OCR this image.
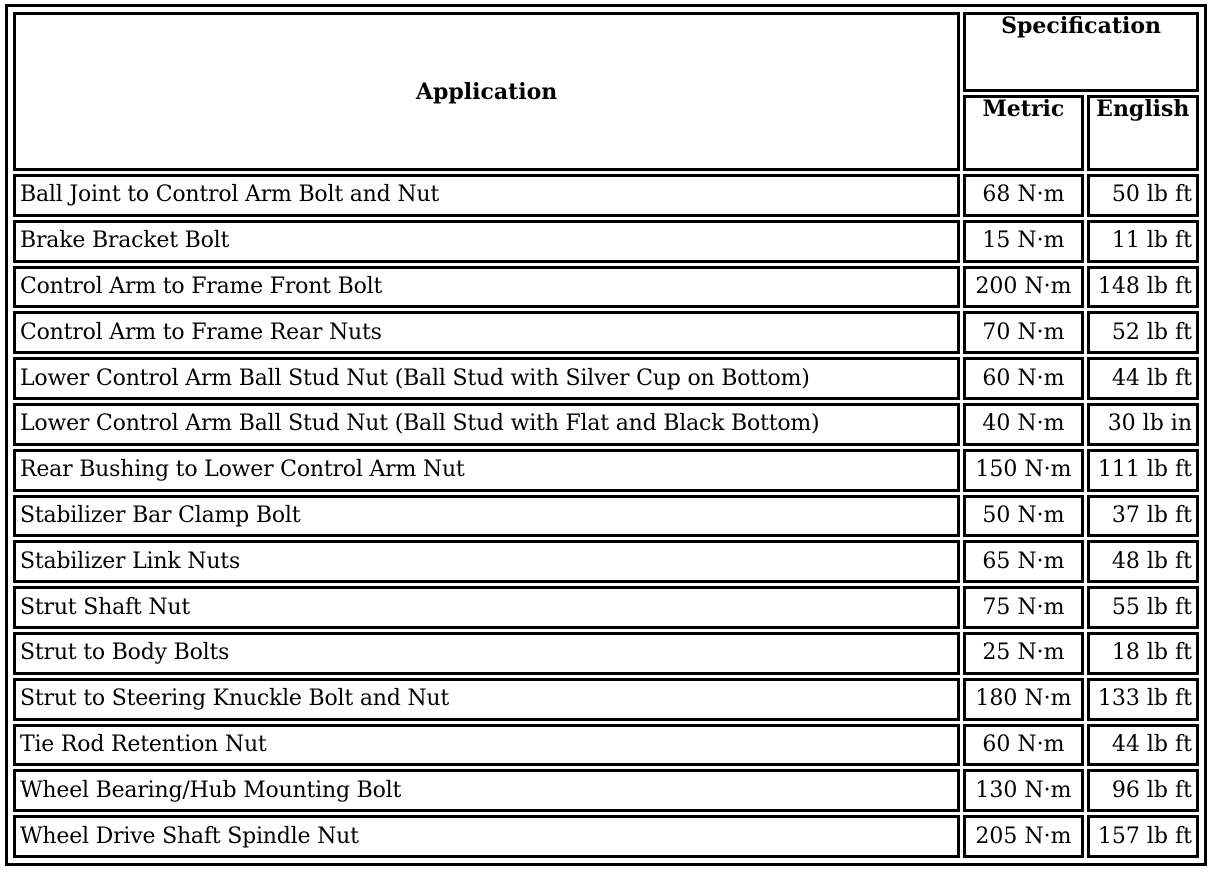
Application	Specification	
	Metric	English
Ball Joint to Control Arm Bolt and Nut	68 N·m	50 lb ft
Brake Bracket Bolt	15 N·m	11 lb ft
Control Arm to Frame Front Bolt	200 N·m	148 lb ft
Control Arm to Frame Rear Nuts	70 N·m	52 lb ft
Lower Control Arm Ball Stud Nut (Ball Stud with Silver Cup on Bottom)	60 N·m	44 lb ft
Lower Control Arm Ball Stud Nut (Ball Stud with Flat and Black Bottom)	40 N·m	30 lb in
Rear Bushing to Lower Control Arm Nut	150 N·m	111 lb ft
Stabilizer Bar Clamp Bolt	50 N·m	37 lb ft
Stabilizer Link Nuts	65 N·m	48 lb ft
Strut Shaft Nut	75 N·m	55 lb ft
Strut to Body Bolts	25 N·m	18 lb ft
Strut to Steering Knuckle Bolt and Nut	180 N·m	133 lb ft
Tie Rod Retention Nut	60 N·m	44 lb ft
Wheel Bearing/Hub Mounting Bolt	130 N·m	96 lb ft
Wheel Drive Shaft Spindle Nut	205 N·m	157 lb ft
